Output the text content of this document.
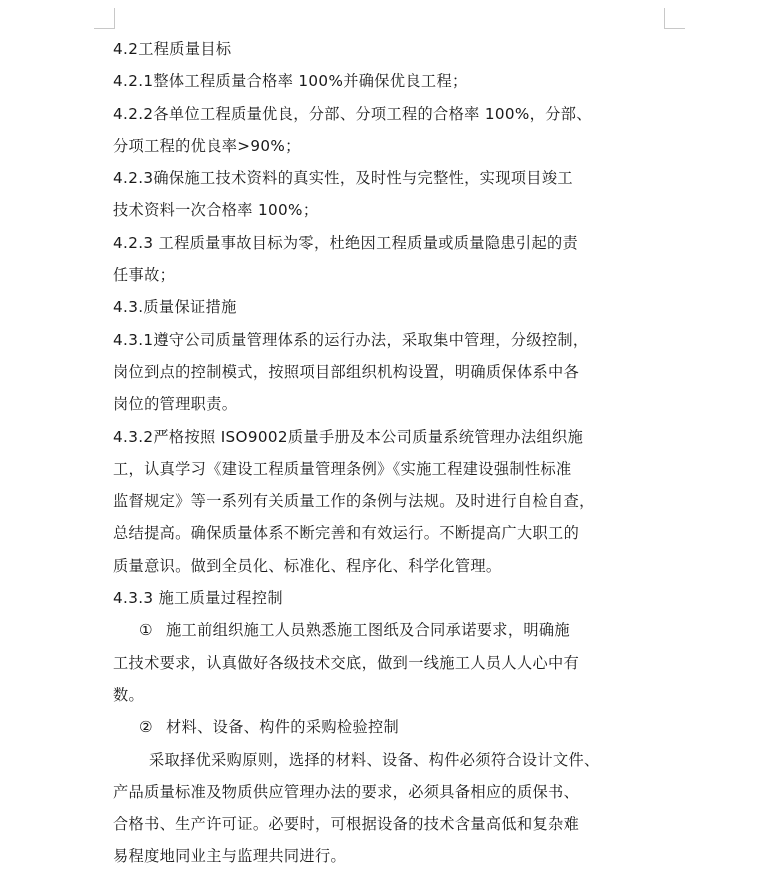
4.2工程质量目标
4.2.1整体工程质量合格率 100%并确保优良工程；
4.2.2各单位工程质量优良，分部、分项工程的合格率 100%，分部、
分项工程的优良率>90%；
4.2.3确保施工技术资料的真实性，及时性与完整性，实现项目竣工
技术资料一次合格率 100%；
4.2.3 工程质量事故目标为零，杜绝因工程质量或质量隐患引起的责
任事故；
4.3.质量保证措施
4.3.1遵守公司质量管理体系的运行办法，采取集中管理，分级控制，
岗位到点的控制模式，按照项目部组织机构设置，明确质保体系中各
岗位的管理职责。
4.3.2严格按照 ISO9002质量手册及本公司质量系统管理办法组织施
工，认真学习《建设工程质量管理条例》《实施工程建设强制性标准
监督规定》等一系列有关质量工作的条例与法规。及时进行自检自查，
总结提高。确保质量体系不断完善和有效运行。不断提高广大职工的
质量意识。做到全员化、标准化、程序化、科学化管理。
4.3.3 施工质量过程控制
① 施工前组织施工人员熟悉施工图纸及合同承诺要求，明确施
工技术要求，认真做好各级技术交底，做到一线施工人员人人心中有
数。
② 材料、设备、构件的采购检验控制
采取择优采购原则，选择的材料、设备、构件必须符合设计文件、
产品质量标准及物质供应管理办法的要求，必须具备相应的质保书、
合格书、生产许可证。必要时，可根据设备的技术含量高低和复杂难
易程度地同业主与监理共同进行。
